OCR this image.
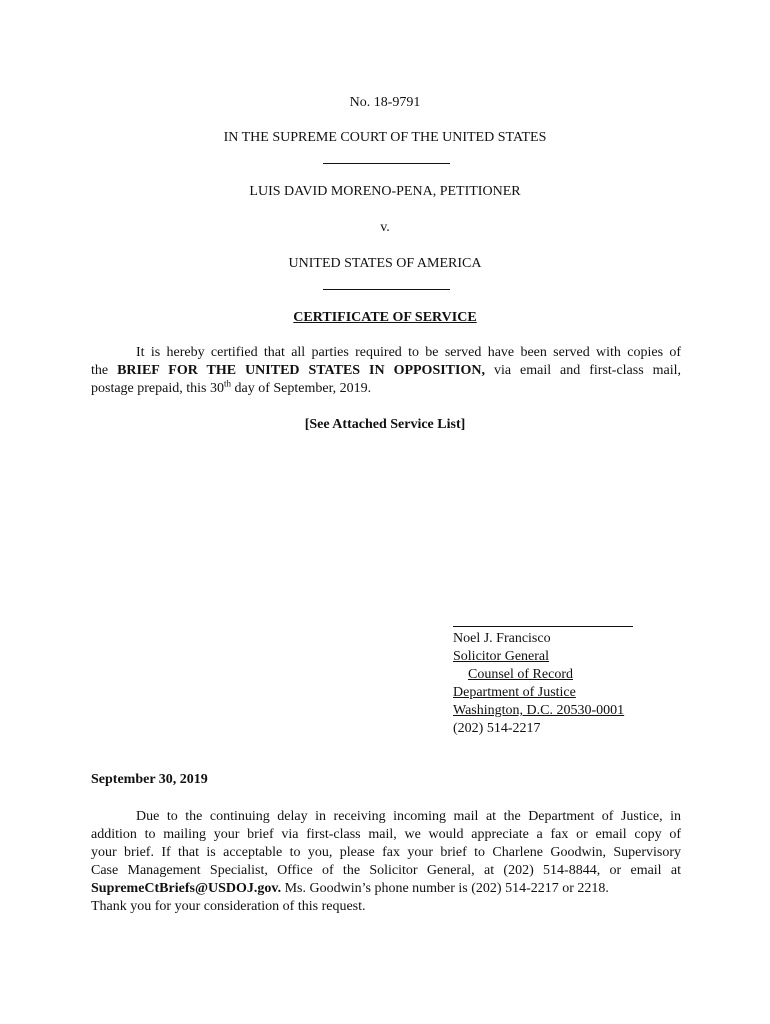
No. 18-9791
IN THE SUPREME COURT OF THE UNITED STATES
LUIS DAVID MORENO-PENA, PETITIONER
v.
UNITED STATES OF AMERICA
CERTIFICATE OF SERVICE
It is hereby certified that all parties required to be served have been served with copies of
the BRIEF FOR THE UNITED STATES IN OPPOSITION, via email and first-class mail,
postage prepaid, this 30th day of September, 2019.
[See Attached Service List]
Noel J. Francisco
Solicitor General
Counsel of Record
Department of Justice
Washington, D.C. 20530-0001
(202) 514-2217
September 30, 2019
Due to the continuing delay in receiving incoming mail at the Department of Justice, in
addition to mailing your brief via first-class mail, we would appreciate a fax or email copy of
your brief. If that is acceptable to you, please fax your brief to Charlene Goodwin, Supervisory
Case Management Specialist, Office of the Solicitor General, at (202) 514-8844, or email at
SupremeCtBriefs@USDOJ.gov. Ms. Goodwin’s phone number is (202) 514-2217 or 2218.
Thank you for your consideration of this request.
